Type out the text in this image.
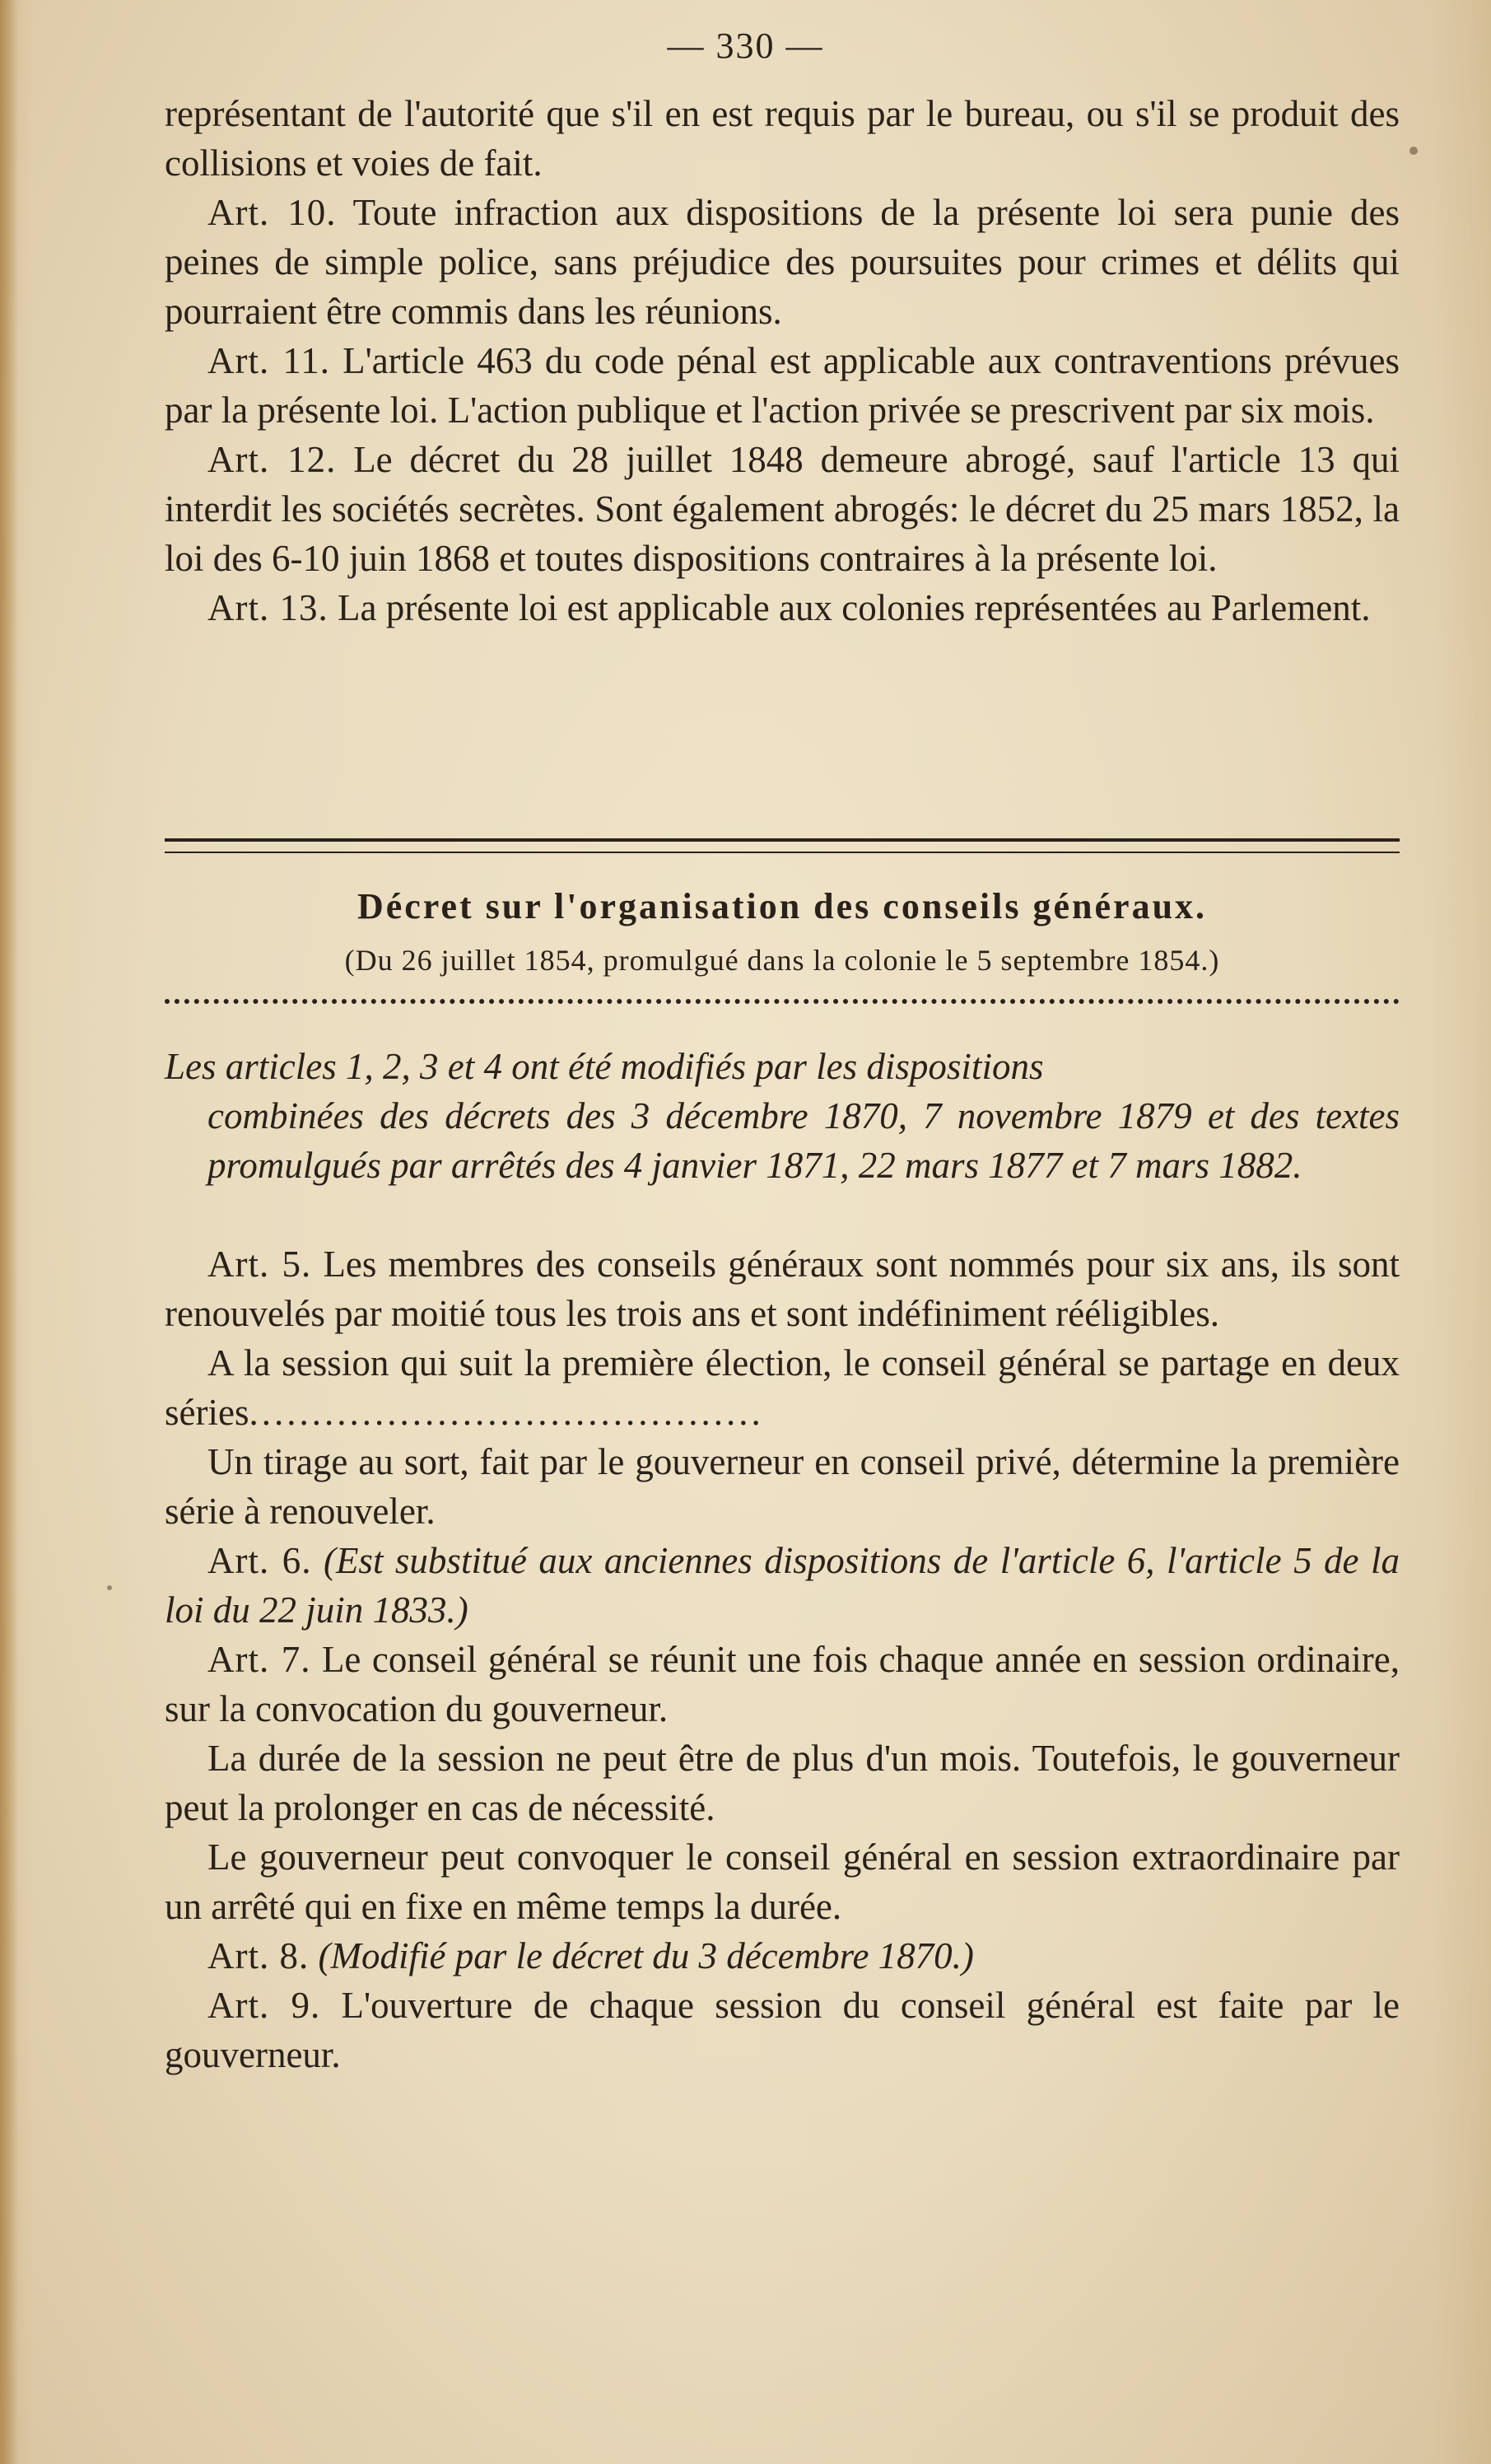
— 330 —

représentant de l'autorité que s'il en est requis par le bureau, ou s'il se produit des collisions et voies de fait.

Art. 10. Toute infraction aux dispositions de la présente loi sera punie des peines de simple police, sans préjudice des poursuites pour crimes et délits qui pourraient être commis dans les réunions.

Art. 11. L'article 463 du code pénal est applicable aux contraventions prévues par la présente loi. L'action publique et l'action privée se prescrivent par six mois.

Art. 12. Le décret du 28 juillet 1848 demeure abrogé, sauf l'article 13 qui interdit les sociétés secrètes. Sont également abrogés: le décret du 25 mars 1852, la loi des 6-10 juin 1868 et toutes dispositions contraires à la présente loi.

Art. 13. La présente loi est applicable aux colonies représentées au Parlement.

Décret sur l'organisation des conseils généraux.
(Du 26 juillet 1854, promulgué dans la colonie le 5 septembre 1854.)
Les articles 1, 2, 3 et 4 ont été modifiés par les dispositions
combinées des décrets des 3 décembre 1870, 7 novembre 1879 et des textes promulgués par arrêtés des 4 janvier 1871, 22 mars 1877 et 7 mars 1882.

Art. 5. Les membres des conseils généraux sont nommés pour six ans, ils sont renouvelés par moitié tous les trois ans et sont indéfiniment rééligibles.

A la session qui suit la première élection, le conseil général se partage en deux séries.........................................

Un tirage au sort, fait par le gouverneur en conseil privé, détermine la première série à renouveler.

Art. 6. (Est substitué aux anciennes dispositions de l'article 6, l'article 5 de la loi du 22 juin 1833.)

Art. 7. Le conseil général se réunit une fois chaque année en session ordinaire, sur la convocation du gouverneur.

La durée de la session ne peut être de plus d'un mois. Toutefois, le gouverneur peut la prolonger en cas de nécessité.

Le gouverneur peut convoquer le conseil général en session extraordinaire par un arrêté qui en fixe en même temps la durée.

Art. 8. (Modifié par le décret du 3 décembre 1870.)

Art. 9. L'ouverture de chaque session du conseil général est faite par le gouverneur.
